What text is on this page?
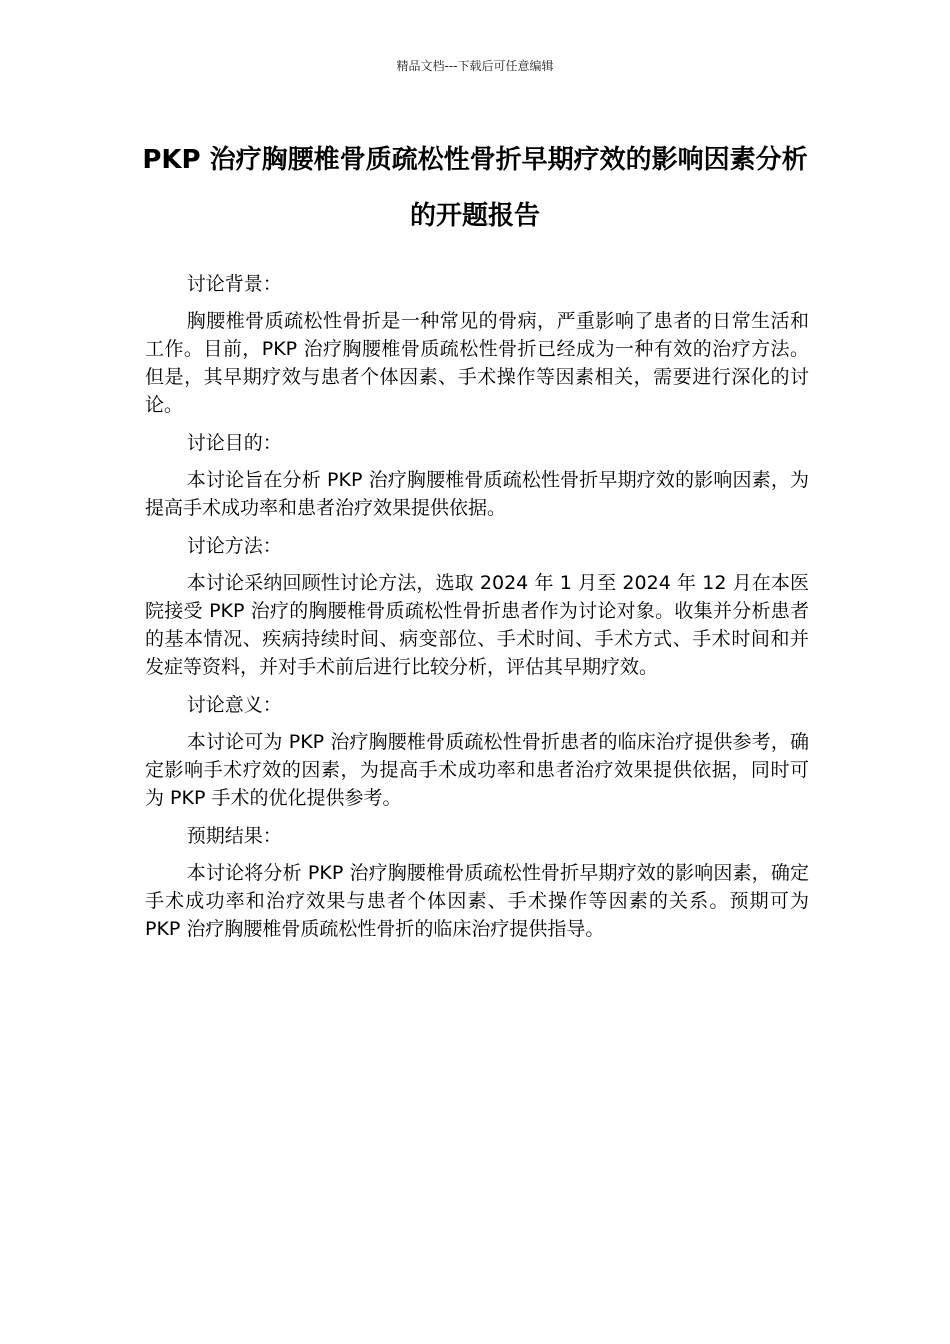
精品文档---下载后可任意编辑
PKP 治疗胸腰椎骨质疏松性骨折早期疗效的影响因素分析的开题报告

讨论背景：

胸腰椎骨质疏松性骨折是一种常见的骨病，严重影响了患者的日常生活和工作。目前，PKP 治疗胸腰椎骨质疏松性骨折已经成为一种有效的治疗方法。但是，其早期疗效与患者个体因素、手术操作等因素相关，需要进行深化的讨论。

讨论目的：

本讨论旨在分析 PKP 治疗胸腰椎骨质疏松性骨折早期疗效的影响因素，为提高手术成功率和患者治疗效果提供依据。

讨论方法：

本讨论采纳回顾性讨论方法，选取 2024 年 1 月至 2024 年 12 月在本医院接受 PKP 治疗的胸腰椎骨质疏松性骨折患者作为讨论对象。收集并分析患者的基本情况、疾病持续时间、病变部位、手术时间、手术方式、手术时间和并发症等资料，并对手术前后进行比较分析，评估其早期疗效。

讨论意义：

本讨论可为 PKP 治疗胸腰椎骨质疏松性骨折患者的临床治疗提供参考，确定影响手术疗效的因素，为提高手术成功率和患者治疗效果提供依据，同时可为 PKP 手术的优化提供参考。

预期结果：

本讨论将分析 PKP 治疗胸腰椎骨质疏松性骨折早期疗效的影响因素，确定手术成功率和治疗效果与患者个体因素、手术操作等因素的关系。预期可为 PKP 治疗胸腰椎骨质疏松性骨折的临床治疗提供指导。
